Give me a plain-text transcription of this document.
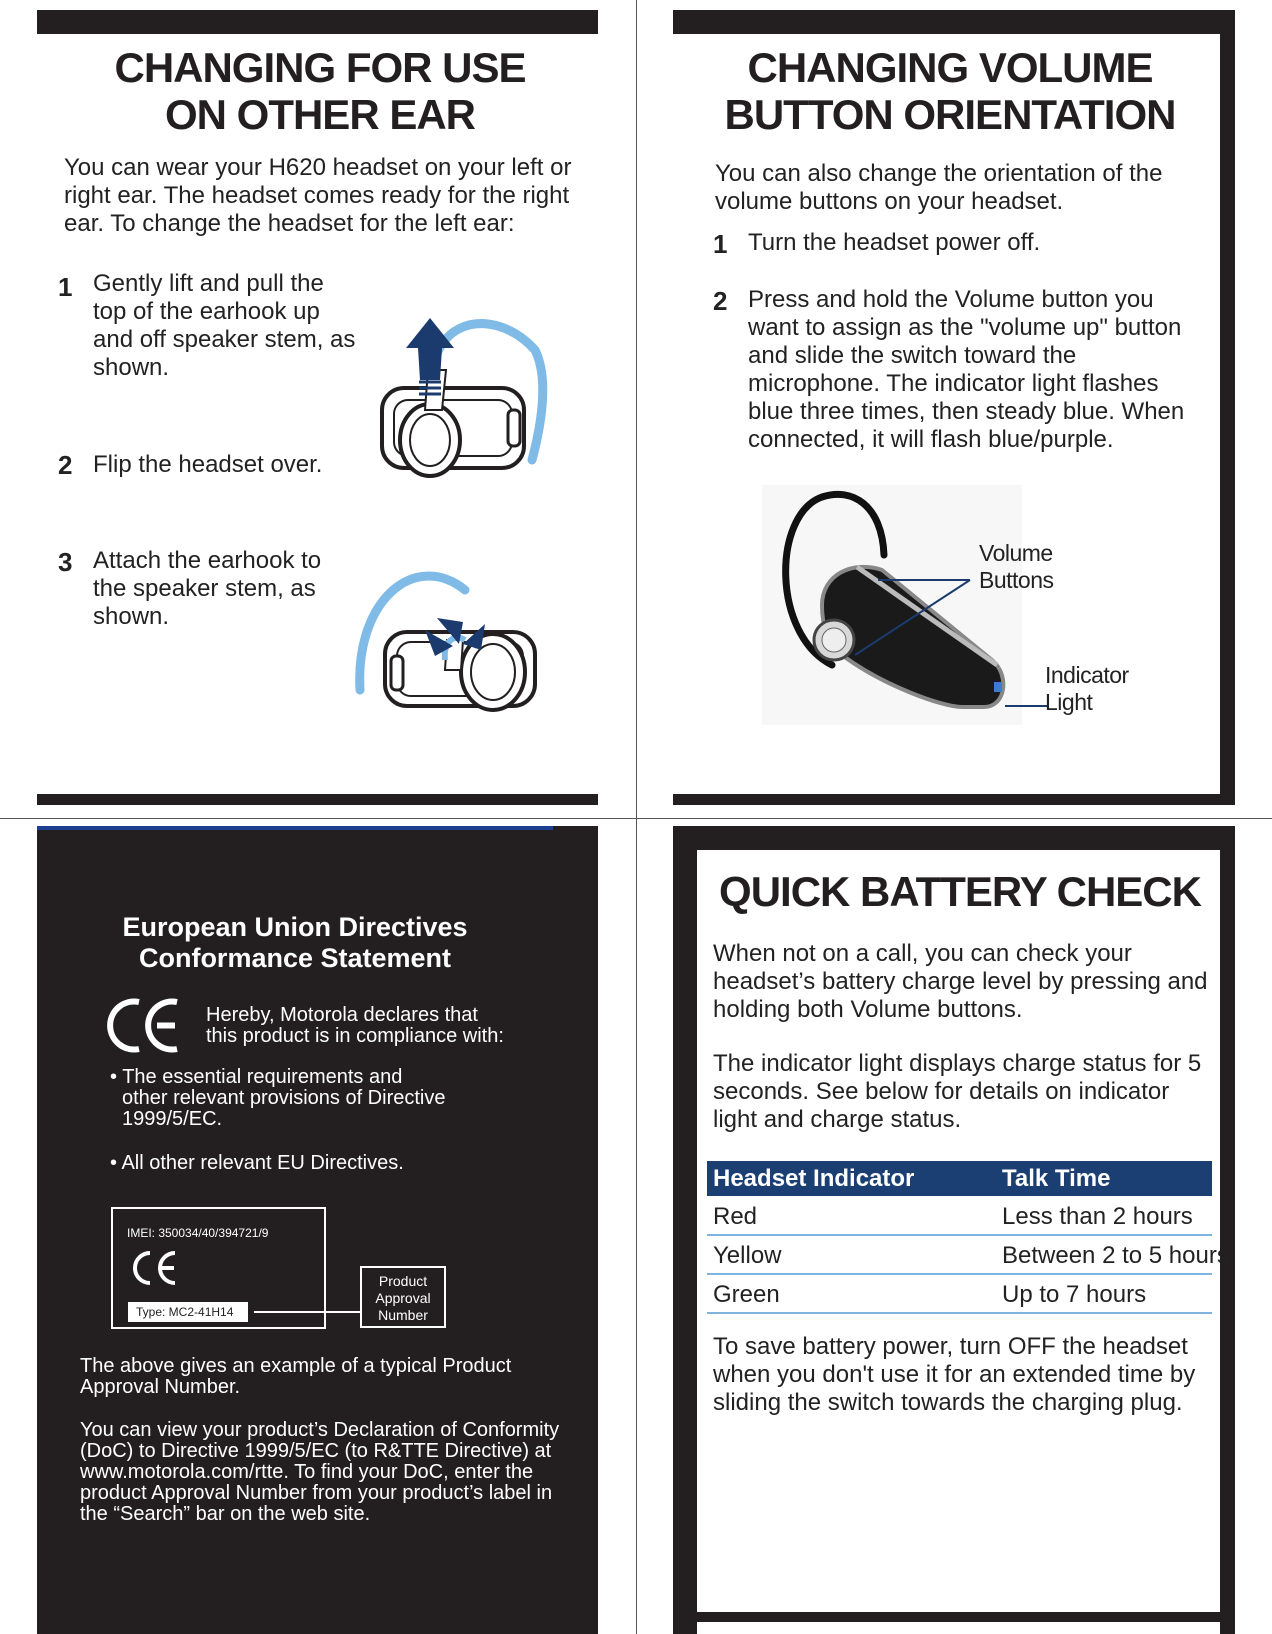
CHANGING FOR USE
ON OTHER EAR
You can wear your H620 headset on your left or right ear. The headset comes ready for the right ear. To change the headset for the left ear:
1 Gently lift and pull the top of the earhook up and off speaker stem, as shown.
2 Flip the headset over.
3 Attach the earhook to the speaker stem, as shown.
CHANGING VOLUME
BUTTON ORIENTATION
You can also change the orientation of the volume buttons on your headset.
1 Turn the headset power off.
2 Press and hold the Volume button you want to assign as the "volume up" button and slide the switch toward the microphone. The indicator light flashes blue three times, then steady blue. When connected, it will flash blue/purple.
Volume
Buttons
Indicator
Light
European Union Directives
Conformance Statement
Hereby, Motorola declares that
this product is in compliance with:
• The essential requirements and
other relevant provisions of Directive
1999/5/EC.
• All other relevant EU Directives.
IMEI: 350034/40/394721/9
Type: MC2-41H14
Product
Approval
Number
The above gives an example of a typical Product Approval Number.
You can view your product’s Declaration of Conformity (DoC) to Directive 1999/5/EC (to R&TTE Directive) at www.motorola.com/rtte. To find your DoC, enter the product Approval Number from your product’s label in the “Search” bar on the web site.
QUICK BATTERY CHECK
When not on a call, you can check your headset’s battery charge level by pressing and holding both Volume buttons.
The indicator light displays charge status for 5 seconds. See below for details on indicator light and charge status.
Headset Indicator	Talk Time
Red	Less than 2 hours
Yellow	Between 2 to 5 hours
Green	Up to 7 hours
To save battery power, turn OFF the headset when you don't use it for an extended time by sliding the switch towards the charging plug.
